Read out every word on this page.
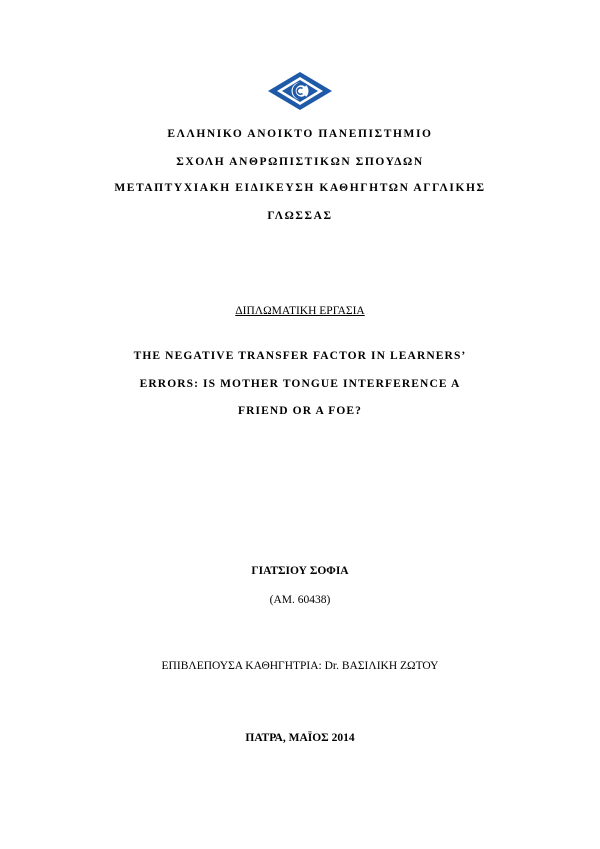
ΕΛΛΗΝΙΚΟ ΑΝΟΙΚΤΟ ΠΑΝΕΠΙΣΤΗΜΙΟ
ΣΧΟΛΗ ΑΝΘΡΩΠΙΣΤΙΚΩΝ ΣΠΟΥΔΩΝ
ΜΕΤΑΠΤΥΧΙΑΚΗ ΕΙΔΙΚΕΥΣΗ ΚΑΘΗΓΗΤΩΝ ΑΓΓΛΙΚΗΣ
ΓΛΩΣΣΑΣ
ΔΙΠΛΩΜΑΤΙΚΗ ΕΡΓΑΣΙΑ
THE NEGATIVE TRANSFER FACTOR IN LEARNERS’
ERRORS: IS MOTHER TONGUE INTERFERENCE A
FRIEND OR A FOE?
ΓΙΑΤΣΙΟΥ ΣΟΦΙΑ
(ΑΜ. 60438)
ΕΠΙΒΛΕΠΟΥΣΑ ΚΑΘΗΓΗΤΡΙΑ: Dr. ΒΑΣΙΛΙΚΗ ΖΩΤΟΥ
ΠΑΤΡΑ, ΜΑΪΟΣ 2014
